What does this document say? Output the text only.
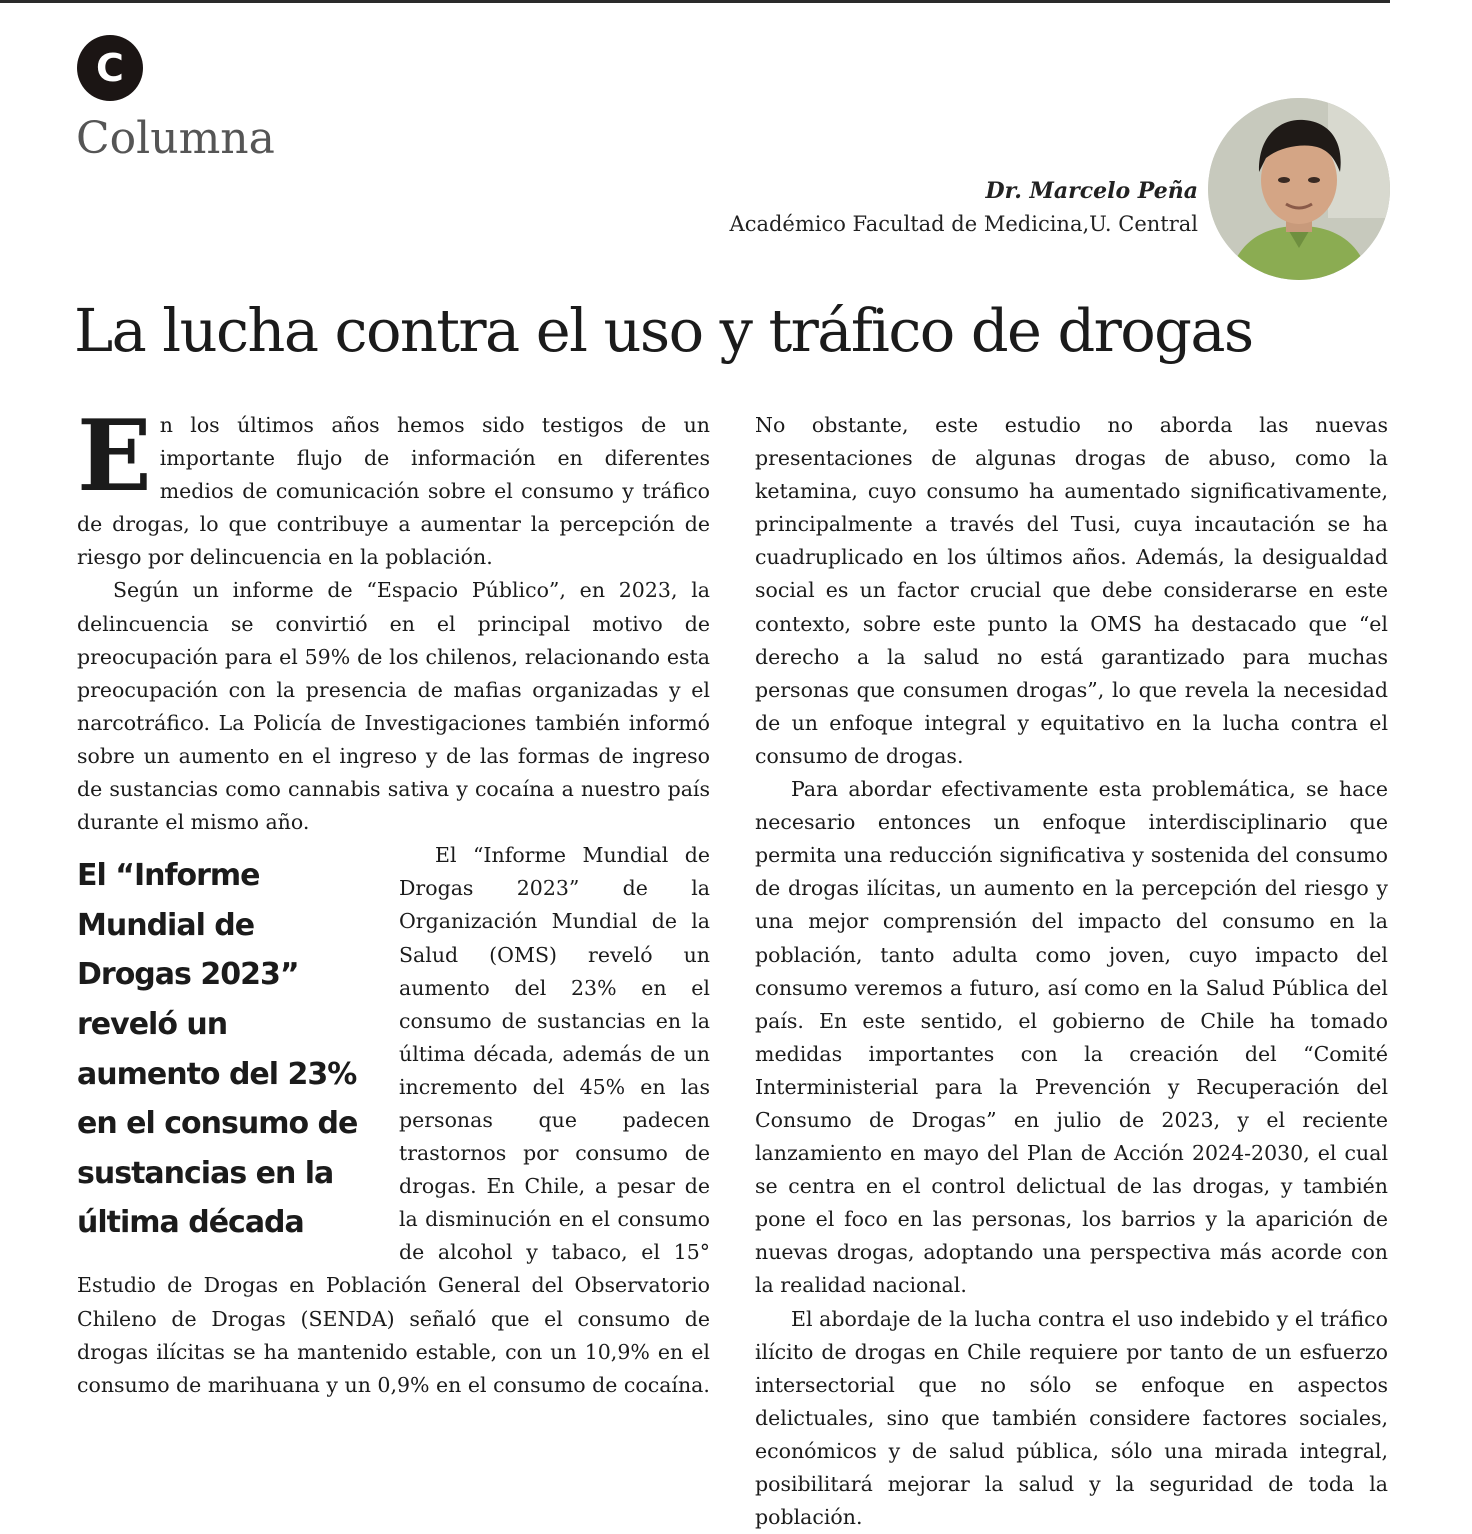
C
Columna
Dr. Marcelo Peña
Académico Facultad de Medicina,U. Central
La lucha contra el uso y tráfico de drogas

En los últimos años hemos sido testigos de un importante flujo de información en diferentes medios de comunicación sobre el consumo y tráfico de drogas, lo que contribuye a aumentar la percepción de riesgo por delincuencia en la población.

Según un informe de “Espacio Público”, en 2023, la delincuencia se convirtió en el principal motivo de preocupación para el 59% de los chilenos, relacionando esta preocupación con la presencia de mafias organizadas y el narcotráfico. La Policía de Investigaciones también informó sobre un aumento en el ingreso y de las formas de ingreso de sustancias como cannabis sativa y cocaína a nuestro país durante el mismo año.

El “Informe Mundial de Drogas 2023” reveló un aumento del 23% en el consumo de sustancias en la última década

El “Informe Mundial de Drogas 2023” de la Organización Mundial de la Salud (OMS) reveló un aumento del 23% en el consumo de sustancias en la última década, además de un incremento del 45% en las personas que padecen trastornos por consumo de drogas. En Chile, a pesar de la disminución en el consumo de alcohol y tabaco, el 15° Estudio de Drogas en Población General del Observatorio Chileno de Drogas (SENDA) señaló que el consumo de drogas ilícitas se ha mantenido estable, con un 10,9% en el consumo de marihuana y un 0,9% en el consumo de cocaína.

No obstante, este estudio no aborda las nuevas presentaciones de algunas drogas de abuso, como la ketamina, cuyo consumo ha aumentado significativamente, principalmente a través del Tusi, cuya incautación se ha cuadruplicado en los últimos años. Además, la desigualdad social es un factor crucial que debe considerarse en este contexto, sobre este punto la OMS ha destacado que “el derecho a la salud no está garantizado para muchas personas que consumen drogas”, lo que revela la necesidad de un enfoque integral y equitativo en la lucha contra el consumo de drogas.

Para abordar efectivamente esta problemática, se hace necesario entonces un enfoque interdisciplinario que permita una reducción significativa y sostenida del consumo de drogas ilícitas, un aumento en la percepción del riesgo y una mejor comprensión del impacto del consumo en la población, tanto adulta como joven, cuyo impacto del consumo veremos a futuro, así como en la Salud Pública del país. En este sentido, el gobierno de Chile ha tomado medidas importantes con la creación del “Comité Interministerial para la Prevención y Recuperación del Consumo de Drogas” en julio de 2023, y el reciente lanzamiento en mayo del Plan de Acción 2024-2030, el cual se centra en el control delictual de las drogas, y también pone el foco en las personas, los barrios y la aparición de nuevas drogas, adoptando una perspectiva más acorde con la realidad nacional.

El abordaje de la lucha contra el uso indebido y el tráfico ilícito de drogas en Chile requiere por tanto de un esfuerzo intersectorial que no sólo se enfoque en aspectos delictuales, sino que también considere factores sociales, económicos y de salud pública, sólo una mirada integral, posibilitará mejorar la salud y la seguridad de toda la población.
